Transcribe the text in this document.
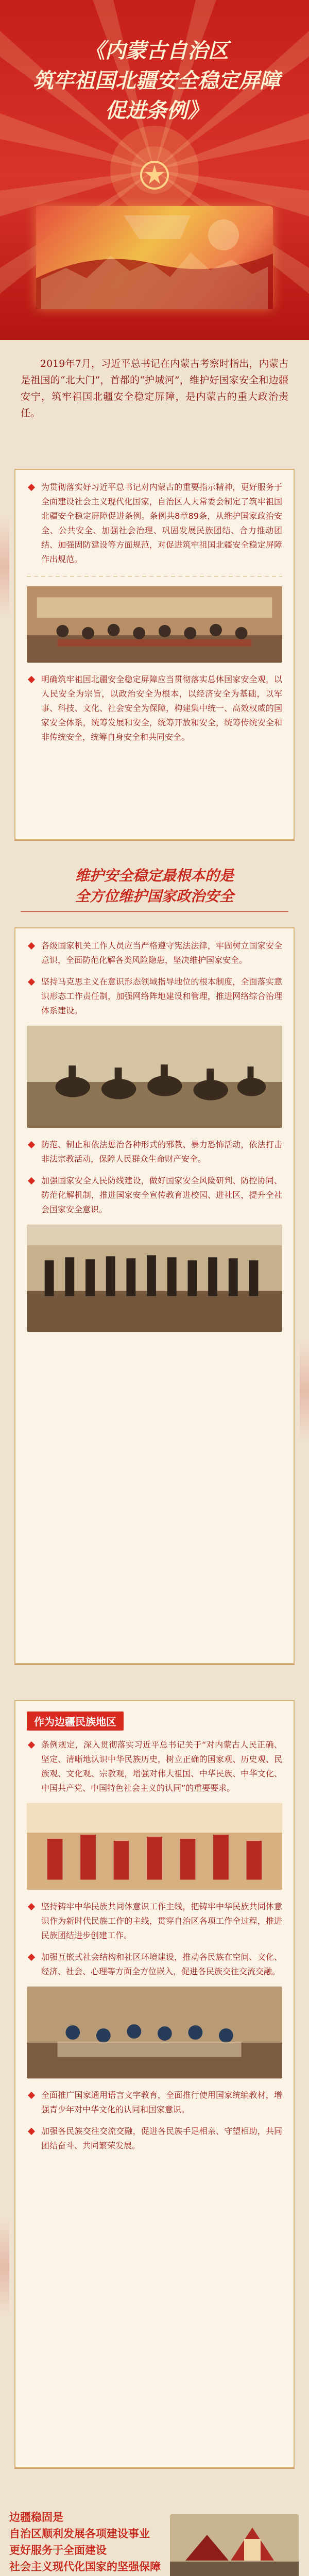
《内蒙古自治区
筑牢祖国北疆安全稳定屏障
促进条例》

2019年7月，习近平总书记在内蒙古考察时指出，内蒙古是祖国的“北大门”，首都的“护城河”，维护好国家安全和边疆安宁，筑牢祖国北疆安全稳定屏障，是内蒙古的重大政治责任。

为贯彻落实好习近平总书记对内蒙古的重要指示精神，更好服务于全面建设社会主义现代化国家，自治区人大常委会制定了筑牢祖国北疆安全稳定屏障促进条例。条例共8章89条，从维护国家政治安全、公共安全、加强社会治理、巩固发展民族团结、合力推动团结、加强固防建设等方面规范，对促进筑牢祖国北疆安全稳定屏障作出规范。

明确筑牢祖国北疆安全稳定屏障应当贯彻落实总体国家安全观，以人民安全为宗旨，以政治安全为根本，以经济安全为基础，以军事、科技、文化、社会安全为保障，构建集中统一、高效权威的国家安全体系，统筹发展和安全，统筹开放和安全，统筹传统安全和非传统安全，统筹自身安全和共同安全。

维护安全稳定最根本的是

全方位维护国家政治安全

各级国家机关工作人员应当严格遵守宪法法律，牢固树立国家安全意识，全面防范化解各类风险隐患，坚决维护国家安全。

坚持马克思主义在意识形态领域指导地位的根本制度，全面落实意识形态工作责任制，加强网络阵地建设和管理，推进网络综合治理体系建设。

防范、制止和依法惩治各种形式的邪教、暴力恐怖活动，依法打击非法宗教活动，保障人民群众生命财产安全。

加强国家安全人民防线建设，做好国家安全风险研判、防控协同、防范化解机制，推进国家安全宣传教育进校园、进社区，提升全社会国家安全意识。

作为边疆民族地区

条例规定，深入贯彻落实习近平总书记关于“对内蒙古人民正确、坚定、清晰地认识中华民族历史，树立正确的国家观、历史观、民族观、文化观、宗教观，增强对伟大祖国、中华民族、中华文化、中国共产党、中国特色社会主义的认同”的重要要求。

坚持铸牢中华民族共同体意识工作主线，把铸牢中华民族共同体意识作为新时代民族工作的主线，贯穿自治区各项工作全过程，推进民族团结进步创建工作。

加强互嵌式社会结构和社区环境建设，推动各民族在空间、文化、经济、社会、心理等方面全方位嵌入，促进各民族交往交流交融。

全面推广国家通用语言文字教育，全面推行使用国家统编教材，增强青少年对中华文化的认同和国家意识。

加强各民族交往交流交融，促进各民族手足相亲、守望相助，共同团结奋斗、共同繁荣发展。

边疆稳固是

自治区顺利发展各项建设事业

更好服务于全面建设

社会主义现代化国家的坚强保障
